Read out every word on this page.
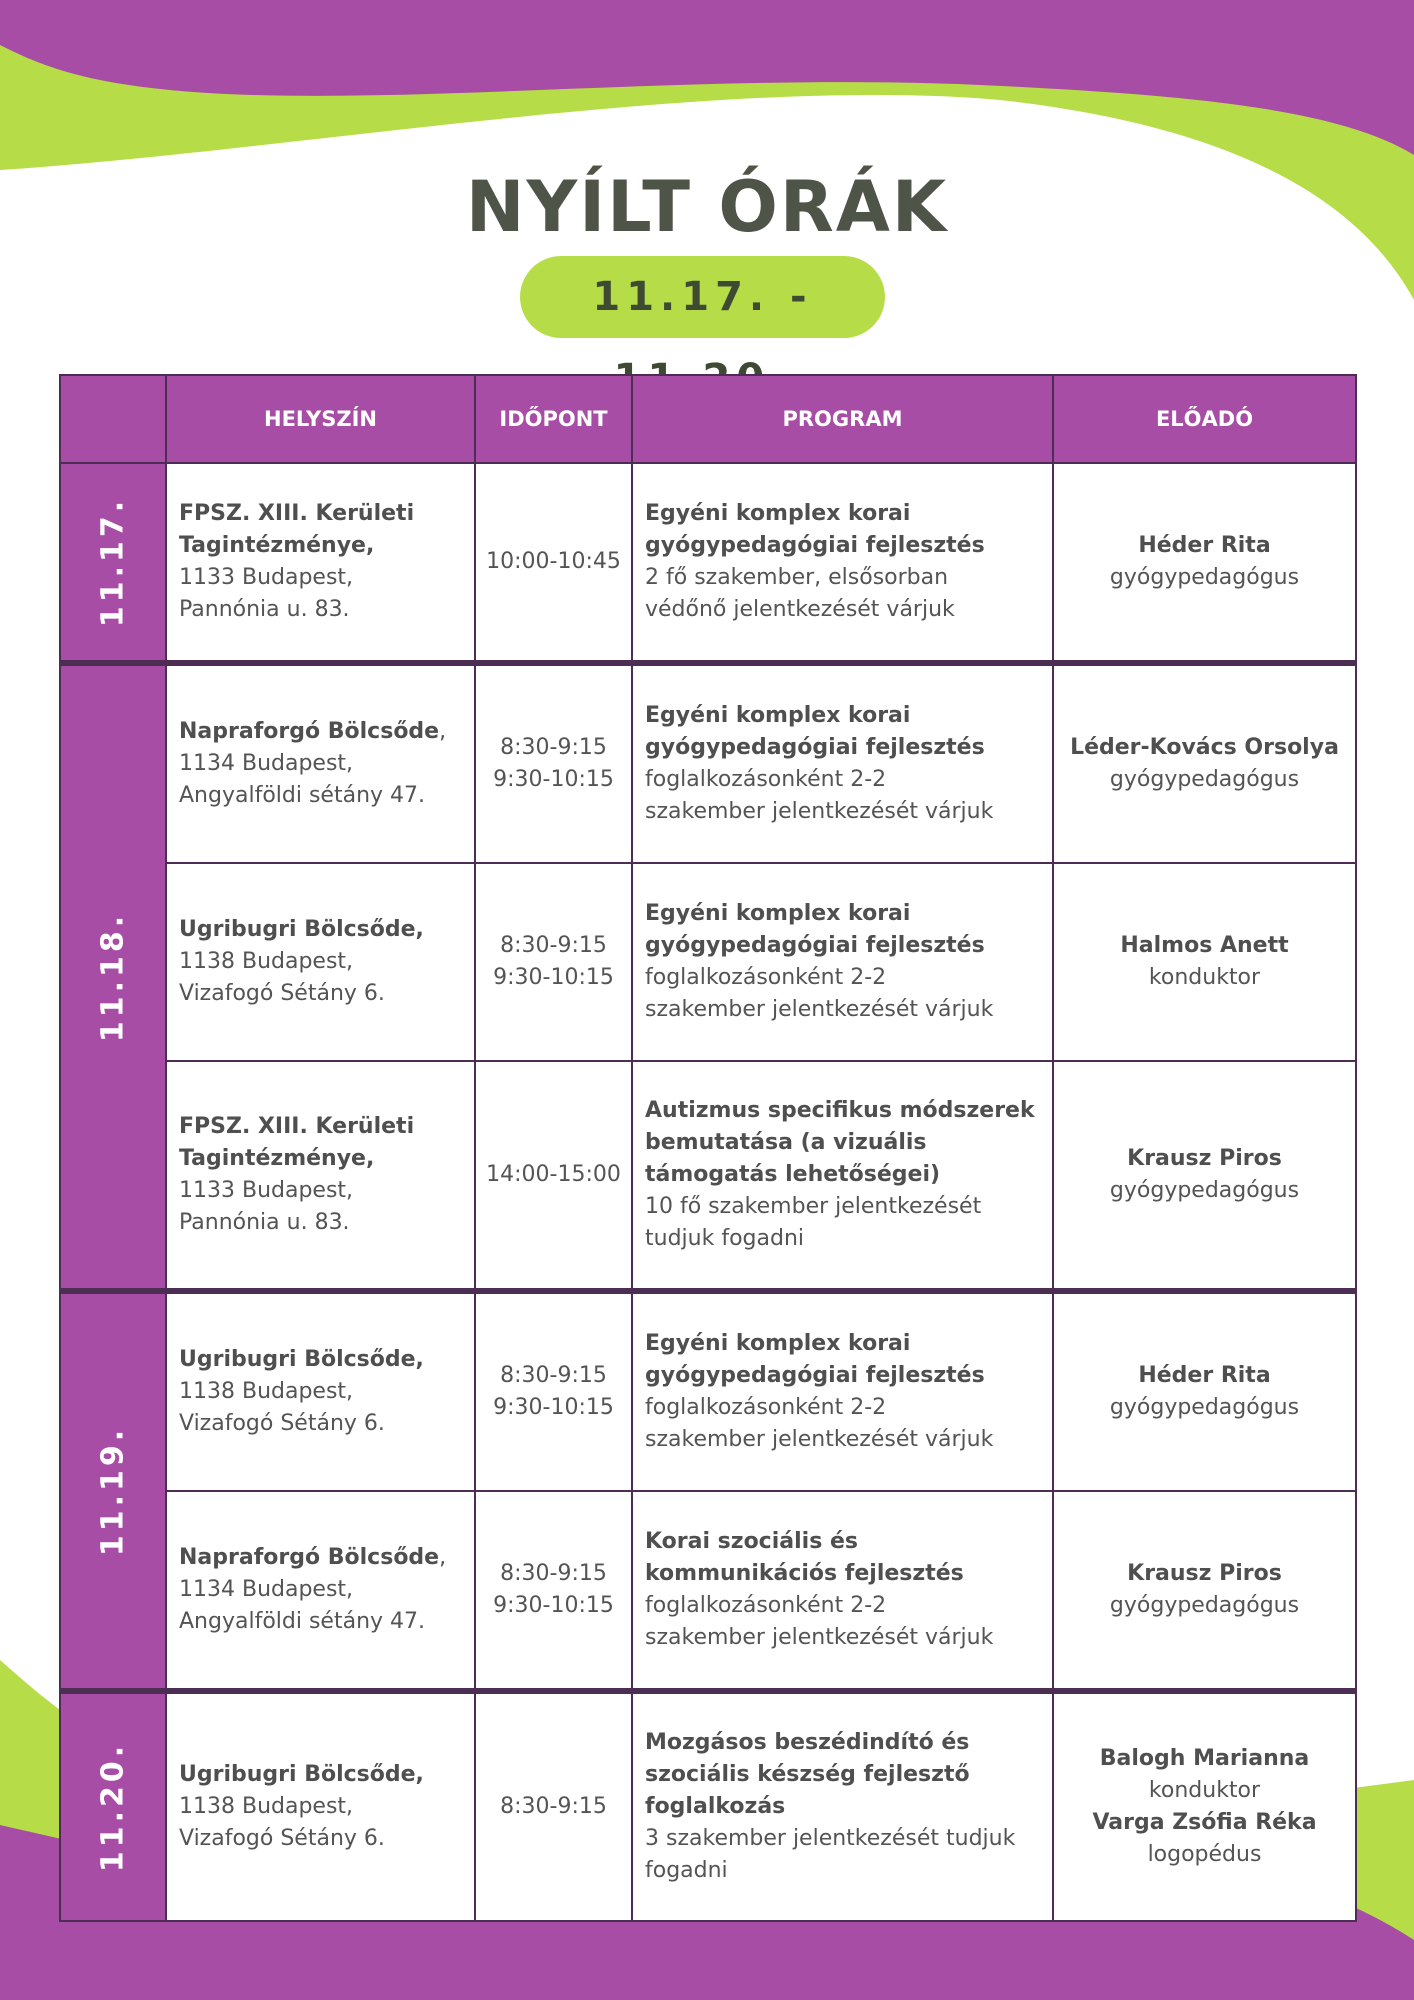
NYÍLT ÓRÁK
11.17. -
	HELYSZÍN	IDŐPONT	PROGRAM	ELŐADÓ

11.17.	FPSZ. XIII. Kerületi
Tagintézménye,
1133 Budapest,
Pannónia u. 83.	10:00-10:45	Egyéni komplex korai
gyógypedagógiai fejlesztés
2 fő szakember, elsősorban
védőnő jelentkezését várjuk	Héder Rita
gyógypedagógus

11.18.	Napraforgó Bölcsőde,
1134 Budapest,
Angyalföldi sétány 47.	8:30-9:15
9:30-10:15	Egyéni komplex korai
gyógypedagógiai fejlesztés
foglalkozásonként 2-2
szakember jelentkezését várjuk	Léder-Kovács Orsolya
gyógypedagógus

	Ugribugri Bölcsőde,
1138 Budapest,
Vizafogó Sétány 6.	8:30-9:15
9:30-10:15	Egyéni komplex korai
gyógypedagógiai fejlesztés
foglalkozásonként 2-2
szakember jelentkezését várjuk	Halmos Anett
konduktor

	FPSZ. XIII. Kerületi
Tagintézménye,
1133 Budapest,
Pannónia u. 83.	14:00-15:00	Autizmus specifikus módszerek
bemutatása (a vizuális
támogatás lehetőségei)
10 fő szakember jelentkezését
tudjuk fogadni	Krausz Piros
gyógypedagógus

11.19.	Ugribugri Bölcsőde,
1138 Budapest,
Vizafogó Sétány 6.	8:30-9:15
9:30-10:15	Egyéni komplex korai
gyógypedagógiai fejlesztés
foglalkozásonként 2-2
szakember jelentkezését várjuk	Héder Rita
gyógypedagógus

	Napraforgó Bölcsőde,
1134 Budapest,
Angyalföldi sétány 47.	8:30-9:15
9:30-10:15	Korai szociális és
kommunikációs fejlesztés
foglalkozásonként 2-2
szakember jelentkezését várjuk	Krausz Piros
gyógypedagógus

11.20.	Ugribugri Bölcsőde,
1138 Budapest,
Vizafogó Sétány 6.	8:30-9:15	Mozgásos beszédindító és
szociális készség fejlesztő
foglalkozás
3 szakember jelentkezését tudjuk
fogadni	Balogh Marianna
konduktor
Varga Zsófia Réka
logopédus
